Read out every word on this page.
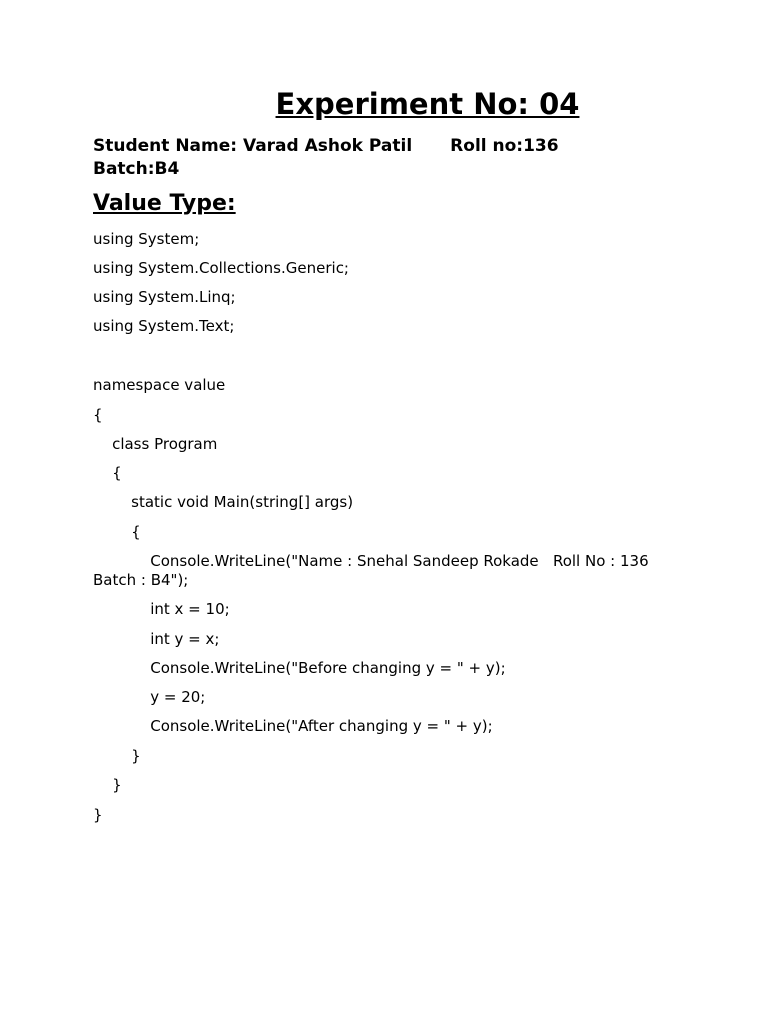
Experiment No: 04
Student Name: Varad Ashok Patil Roll no:136
Batch:B4
Value Type:
using System;
using System.Collections.Generic;
using System.Linq;
using System.Text;
namespace value
{
class Program
{
static void Main(string[] args)
{
Console.WriteLine("Name : Snehal Sandeep Rokade   Roll No : 136
Batch : B4");
int x = 10;
int y = x;
Console.WriteLine("Before changing y = " + y);
y = 20;
Console.WriteLine("After changing y = " + y);
}
}
}
